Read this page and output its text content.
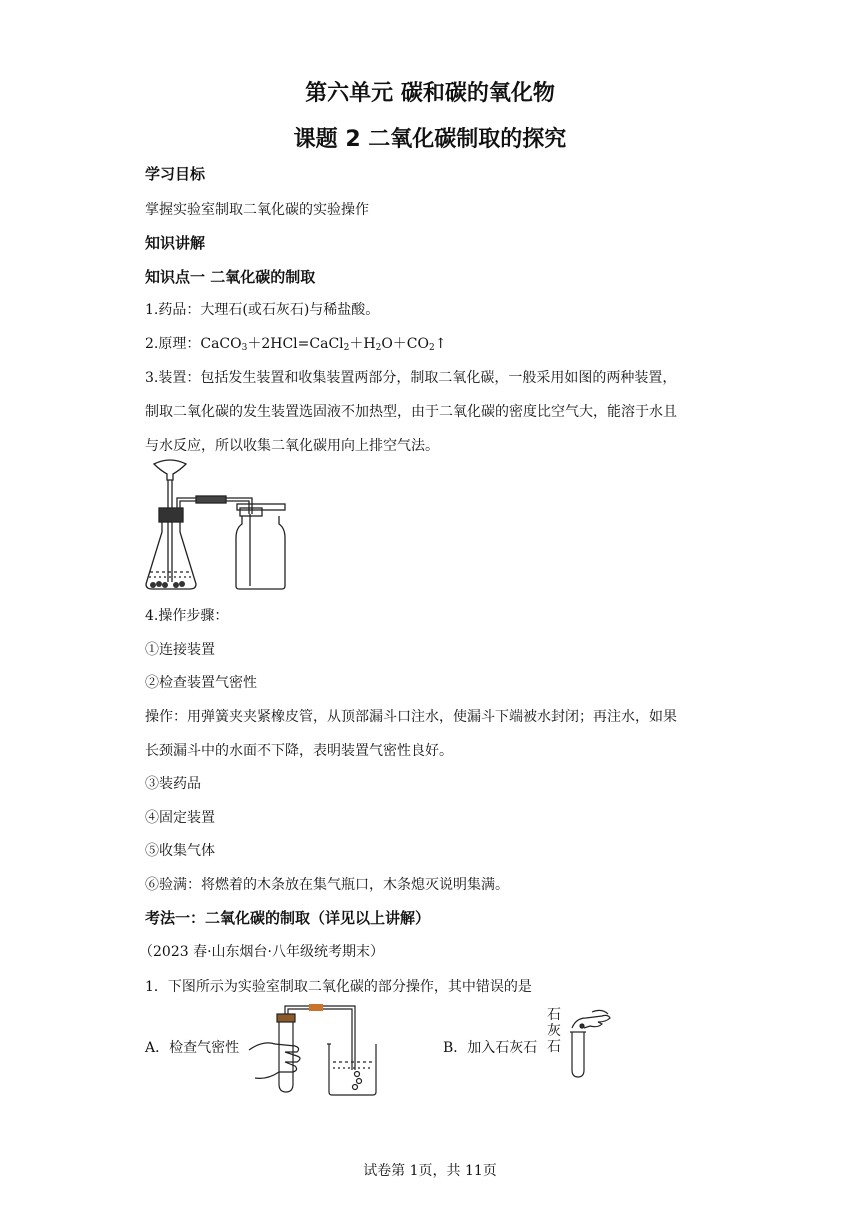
第六单元 碳和碳的氧化物
课题 2 二氧化碳制取的探究
学习目标
掌握实验室制取二氧化碳的实验操作
知识讲解
知识点一 二氧化碳的制取
1.药品：大理石(或石灰石)与稀盐酸。
2.原理：$CaCO_3+2HCl=CaCl_2+H_2O+CO_2↑$
3.装置：包括发生装置和收集装置两部分，制取二氧化碳，一般采用如图的两种装置，
制取二氧化碳的发生装置选固液不加热型，由于二氧化碳的密度比空气大，能溶于水且
与水反应，所以收集二氧化碳用向上排空气法。
4.操作步骤：
①连接装置
②检查装置气密性
操作：用弹簧夹夹紧橡皮管，从顶部漏斗口注水，使漏斗下端被水封闭；再注水，如果
长颈漏斗中的水面不下降，表明装置气密性良好。
③装药品
④固定装置
⑤收集气体
⑥验满：将燃着的木条放在集气瓶口，木条熄灭说明集满。
考法一：二氧化碳的制取（详见以上讲解）
（2023 春·山东烟台·八年级统考期末）
1．下图所示为实验室制取二氧化碳的部分操作，其中错误的是
A．检查气密性	B．加入石灰石
石
灰
石
试卷第 1页，共 11页
